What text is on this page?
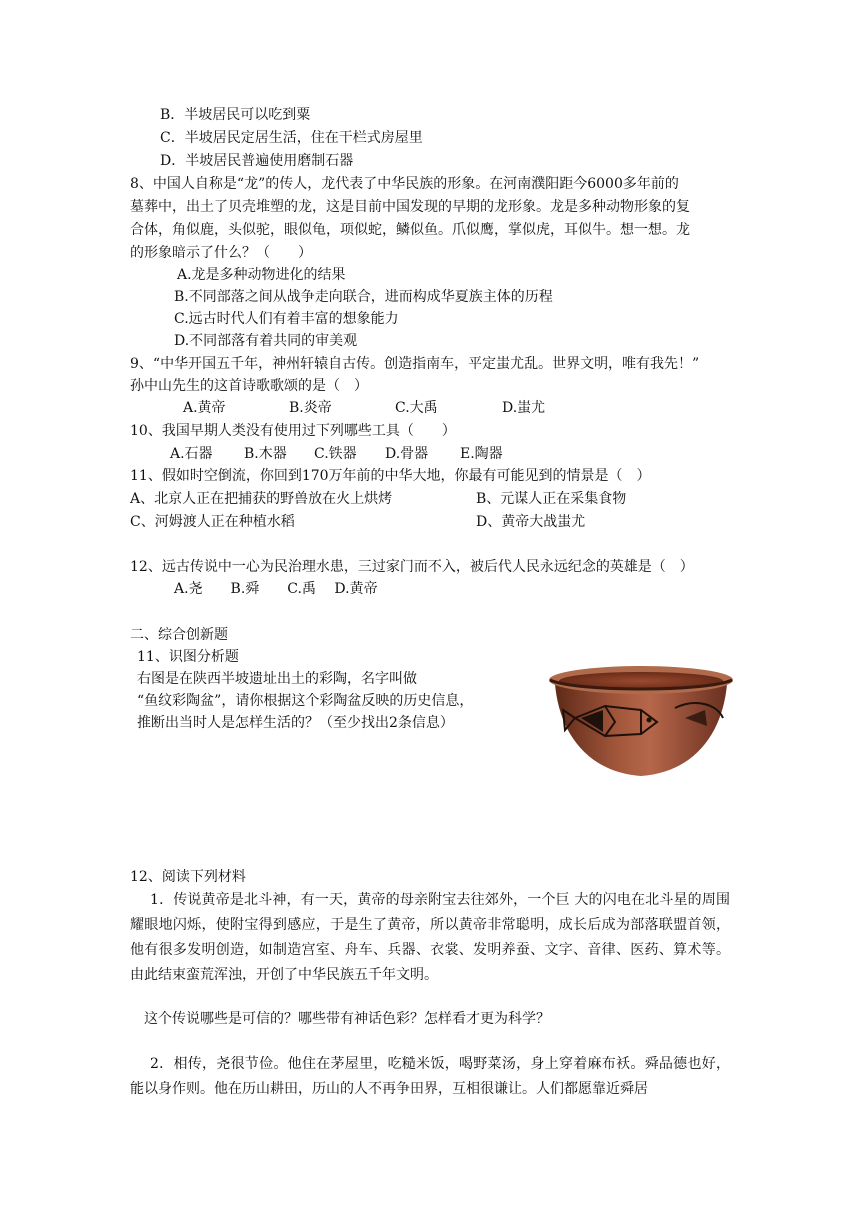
B．半坡居民可以吃到粟
C．半坡居民定居生活，住在干栏式房屋里
D．半坡居民普遍使用磨制石器
8、中国人自称是“龙”的传人，龙代表了中华民族的形象。在河南濮阳距今6000多年前的
墓葬中，出土了贝壳堆塑的龙，这是目前中国发现的早期的龙形象。龙是多种动物形象的复
合体，角似鹿，头似驼，眼似龟，项似蛇，鳞似鱼。爪似鹰，掌似虎，耳似牛。想一想。龙
的形象暗示了什么？（　　）
A.龙是多种动物进化的结果
B.不同部落之间从战争走向联合，进而构成华夏族主体的历程
C.远古时代人们有着丰富的想象能力
D.不同部落有着共同的审美观
9、“中华开国五千年，神州轩辕自古传。创造指南车，平定蚩尤乱。世界文明，唯有我先！”
孙中山先生的这首诗歌歌颂的是（　）
A.黄帝	B.炎帝	C.大禹	D.蚩尤
10、我国早期人类没有使用过下列哪些工具（　　）
A.石器 B.木器 C.铁器 D.骨器 E.陶器
11、假如时空倒流，你回到170万年前的中华大地，你最有可能见到的情景是（　）
A、北京人正在把捕获的野兽放在火上烘烤	B、元谋人正在采集食物
C、河姆渡人正在种植水稻	D、黄帝大战蚩尤
12、远古传说中一心为民治理水患，三过家门而不入，被后代人民永远纪念的英雄是（　）
A.尧　　B.舜　　C.禹　 D.黄帝
二、综合创新题
11、识图分析题
右图是在陕西半坡遗址出土的彩陶，名字叫做
“鱼纹彩陶盆”，请你根据这个彩陶盆反映的历史信息，
推断出当时人是怎样生活的？（至少找出2条信息）
12、阅读下列材料
1．传说黄帝是北斗神，有一天，黄帝的母亲附宝去往郊外，一个巨 大的闪电在北斗星的周围耀眼地闪烁，使附宝得到感应，于是生了黄帝，所以黄帝非常聪明，成长后成为部落联盟首领，他有很多发明创造，如制造宫室、舟车、兵器、衣裳、发明养蚕、文字、音律、医药、算术等。由此结束蛮荒浑浊，开创了中华民族五千年文明。
这个传说哪些是可信的？哪些带有神话色彩？怎样看才更为科学？
2．相传，尧很节俭。他住在茅屋里，吃糙米饭，喝野菜汤，身上穿着麻布袄。舜品德也好，能以身作则。他在历山耕田，历山的人不再争田界，互相很谦让。人们都愿靠近舜居
